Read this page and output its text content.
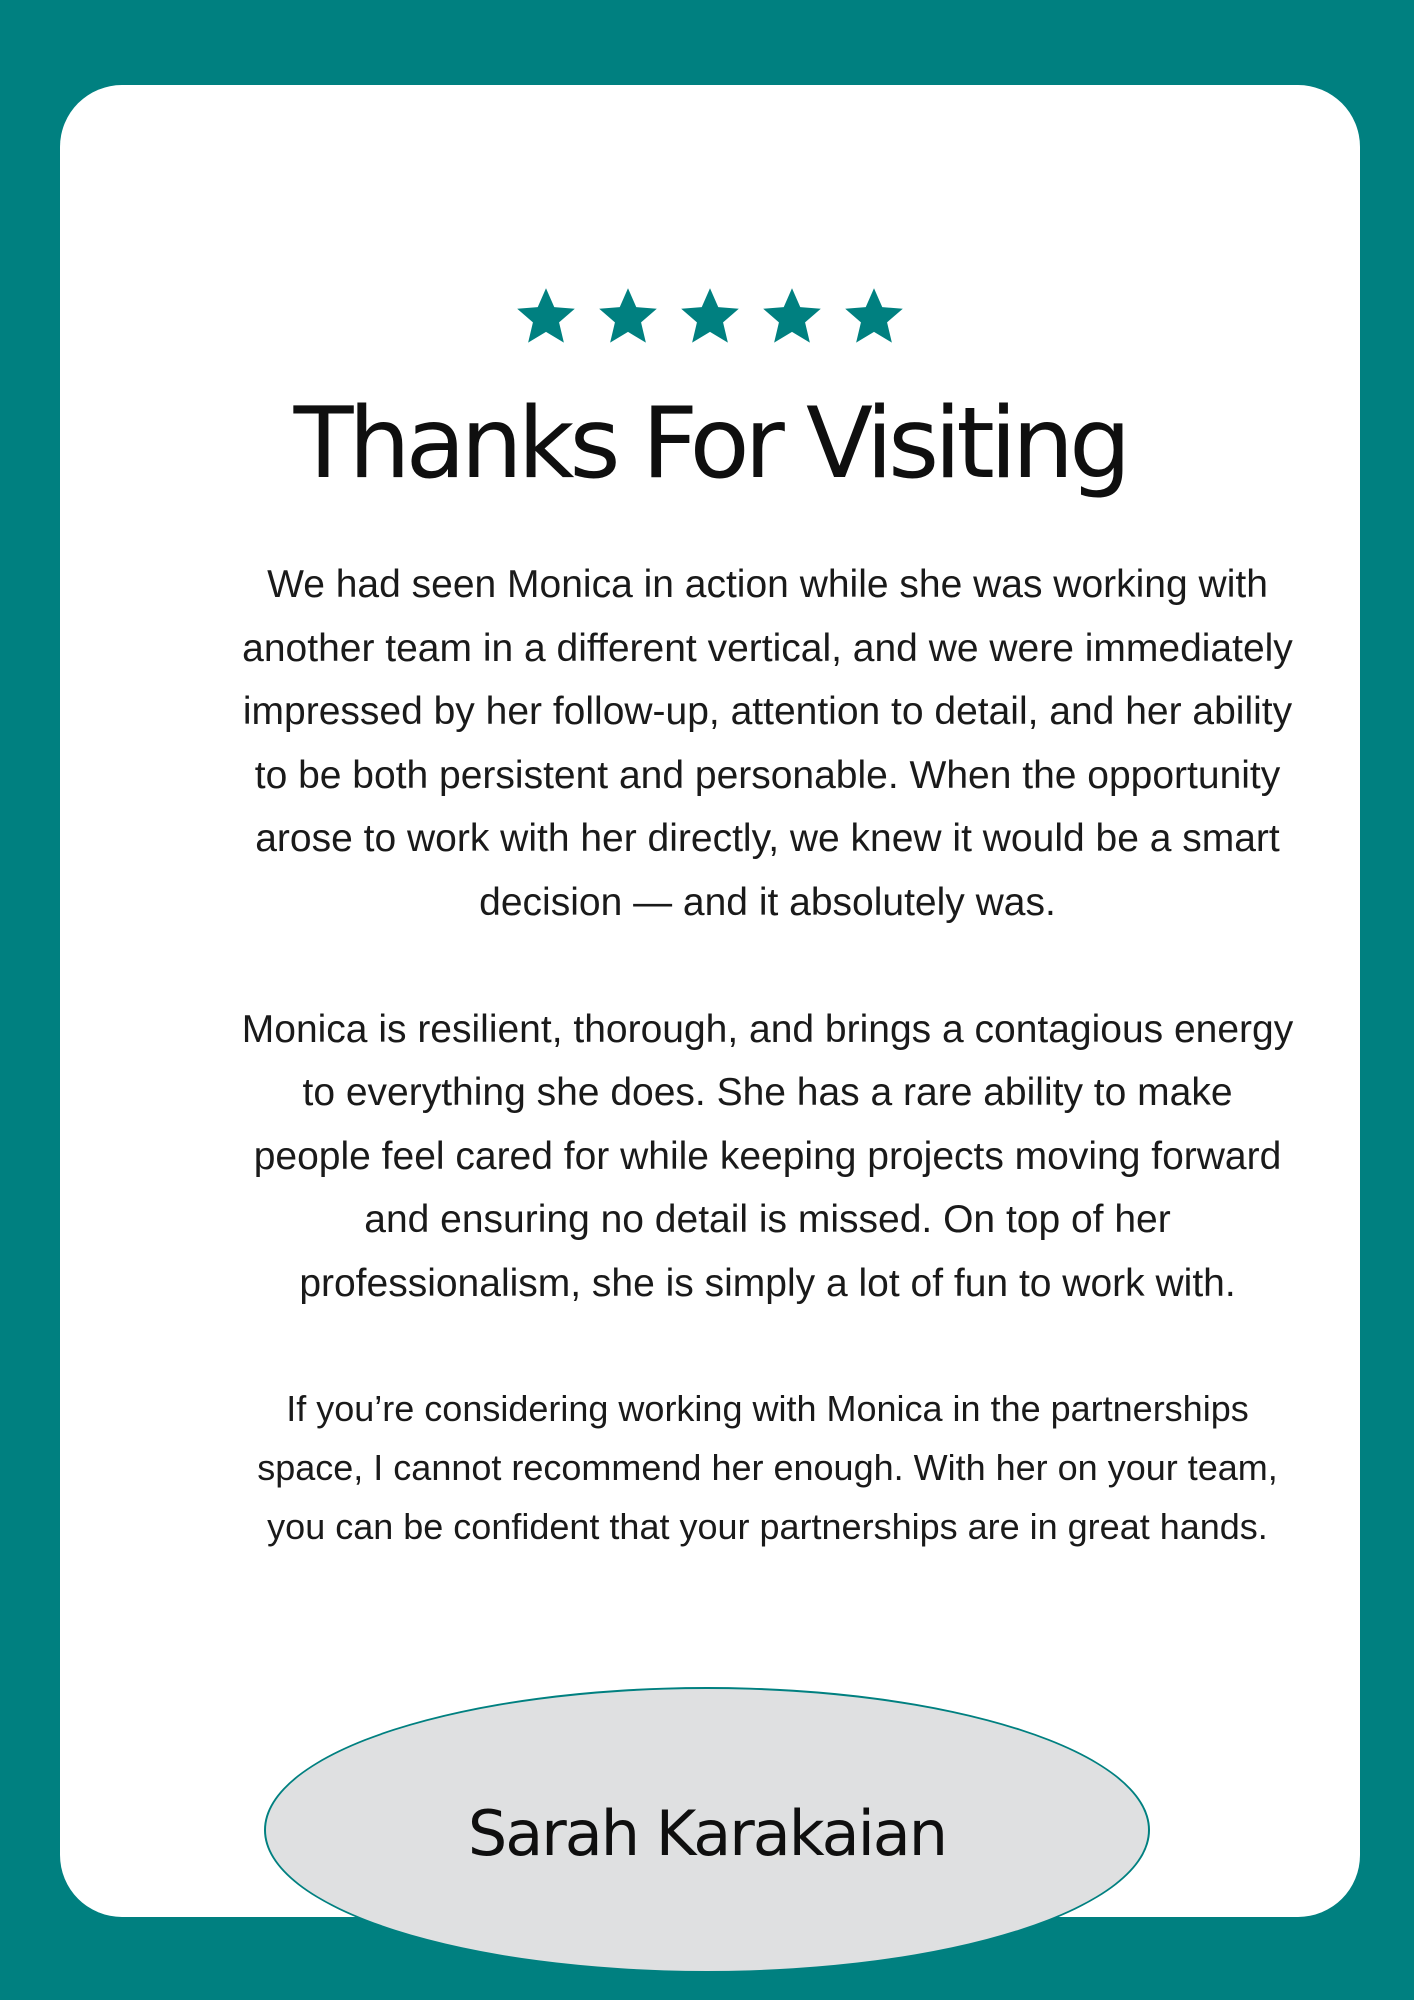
Thanks For Visiting

We had seen Monica in action while she was working with another team in a different vertical, and we were immediately impressed by her follow-up, attention to detail, and her ability to be both persistent and personable. When the opportunity arose to work with her directly, we knew it would be a smart decision — and it absolutely was.

Monica is resilient, thorough, and brings a contagious energy to everything she does. She has a rare ability to make people feel cared for while keeping projects moving forward and ensuring no detail is missed. On top of her professionalism, she is simply a lot of fun to work with.

If you’re considering working with Monica in the partnerships space, I cannot recommend her enough. With her on your team, you can be confident that your partnerships are in great hands.

Sarah Karakaian
